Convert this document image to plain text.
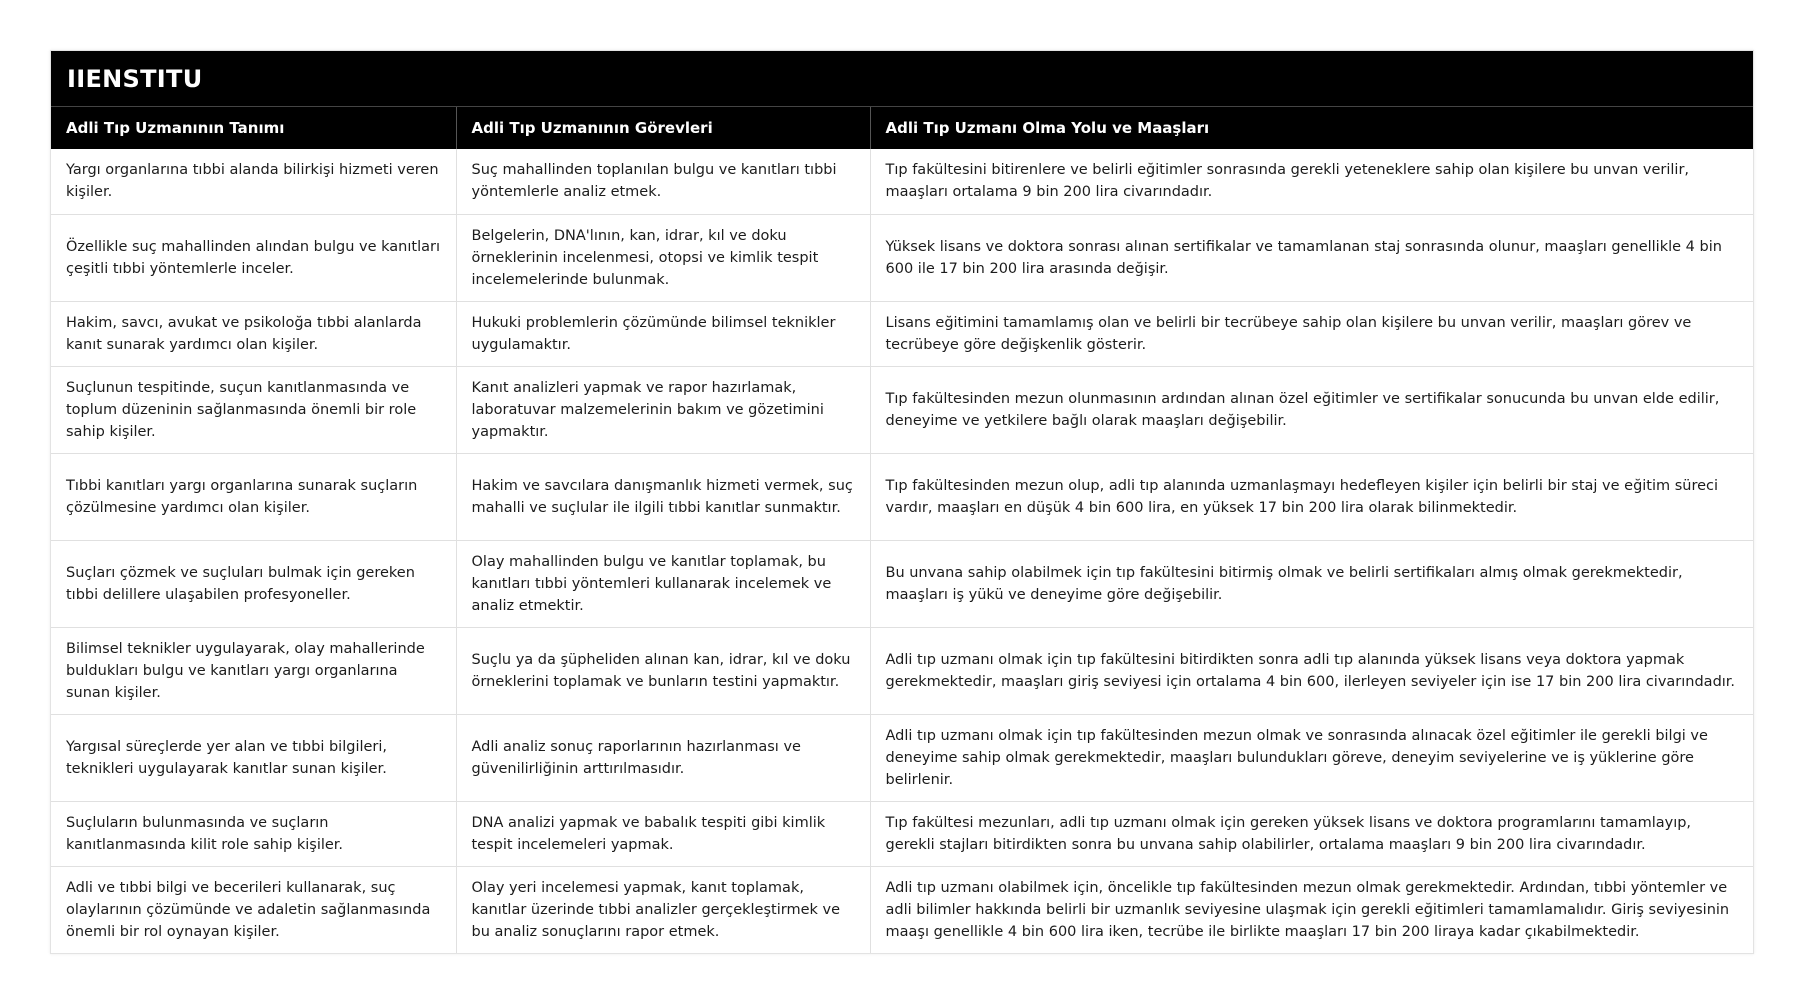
IIENSTITU
Adli Tıp Uzmanının Tanımı	Adli Tıp Uzmanının Görevleri	Adli Tıp Uzmanı Olma Yolu ve Maaşları
Yargı organlarına tıbbi alanda bilirkişi hizmeti veren kişiler.	Suç mahallinden toplanılan bulgu ve kanıtları tıbbi yöntemlerle analiz etmek.	Tıp fakültesini bitirenlere ve belirli eğitimler sonrasında gerekli yeteneklere sahip olan kişilere bu unvan verilir, maaşları ortalama 9 bin 200 lira civarındadır.
Özellikle suç mahallinden alından bulgu ve kanıtları çeşitli tıbbi yöntemlerle inceler.	Belgelerin, DNA'lının, kan, idrar, kıl ve doku örneklerinin incelenmesi, otopsi ve kimlik tespit incelemelerinde bulunmak.	Yüksek lisans ve doktora sonrası alınan sertifikalar ve tamamlanan staj sonrasında olunur, maaşları genellikle 4 bin 600 ile 17 bin 200 lira arasında değişir.
Hakim, savcı, avukat ve psikoloğa tıbbi alanlarda kanıt sunarak yardımcı olan kişiler.	Hukuki problemlerin çözümünde bilimsel teknikler uygulamaktır.	Lisans eğitimini tamamlamış olan ve belirli bir tecrübeye sahip olan kişilere bu unvan verilir, maaşları görev ve tecrübeye göre değişkenlik gösterir.
Suçlunun tespitinde, suçun kanıtlanmasında ve toplum düzeninin sağlanmasında önemli bir role sahip kişiler.	Kanıt analizleri yapmak ve rapor hazırlamak, laboratuvar malzemelerinin bakım ve gözetimini yapmaktır.	Tıp fakültesinden mezun olunmasının ardından alınan özel eğitimler ve sertifikalar sonucunda bu unvan elde edilir, deneyime ve yetkilere bağlı olarak maaşları değişebilir.
Tıbbi kanıtları yargı organlarına sunarak suçların çözülmesine yardımcı olan kişiler.	Hakim ve savcılara danışmanlık hizmeti vermek, suç mahalli ve suçlular ile ilgili tıbbi kanıtlar sunmaktır.	Tıp fakültesinden mezun olup, adli tıp alanında uzmanlaşmayı hedefleyen kişiler için belirli bir staj ve eğitim süreci vardır, maaşları en düşük 4 bin 600 lira, en yüksek 17 bin 200 lira olarak bilinmektedir.
Suçları çözmek ve suçluları bulmak için gereken tıbbi delillere ulaşabilen profesyoneller.	Olay mahallinden bulgu ve kanıtlar toplamak, bu kanıtları tıbbi yöntemleri kullanarak incelemek ve analiz etmektir.	Bu unvana sahip olabilmek için tıp fakültesini bitirmiş olmak ve belirli sertifikaları almış olmak gerekmektedir, maaşları iş yükü ve deneyime göre değişebilir.
Bilimsel teknikler uygulayarak, olay mahallerinde buldukları bulgu ve kanıtları yargı organlarına sunan kişiler.	Suçlu ya da şüpheliden alınan kan, idrar, kıl ve doku örneklerini toplamak ve bunların testini yapmaktır.	Adli tıp uzmanı olmak için tıp fakültesini bitirdikten sonra adli tıp alanında yüksek lisans veya doktora yapmak gerekmektedir, maaşları giriş seviyesi için ortalama 4 bin 600, ilerleyen seviyeler için ise 17 bin 200 lira civarındadır.
Yargısal süreçlerde yer alan ve tıbbi bilgileri, teknikleri uygulayarak kanıtlar sunan kişiler.	Adli analiz sonuç raporlarının hazırlanması ve güvenilirliğinin arttırılmasıdır.	Adli tıp uzmanı olmak için tıp fakültesinden mezun olmak ve sonrasında alınacak özel eğitimler ile gerekli bilgi ve deneyime sahip olmak gerekmektedir, maaşları bulundukları göreve, deneyim seviyelerine ve iş yüklerine göre belirlenir.
Suçluların bulunmasında ve suçların kanıtlanmasında kilit role sahip kişiler.	DNA analizi yapmak ve babalık tespiti gibi kimlik tespit incelemeleri yapmak.	Tıp fakültesi mezunları, adli tıp uzmanı olmak için gereken yüksek lisans ve doktora programlarını tamamlayıp, gerekli stajları bitirdikten sonra bu unvana sahip olabilirler, ortalama maaşları 9 bin 200 lira civarındadır.
Adli ve tıbbi bilgi ve becerileri kullanarak, suç olaylarının çözümünde ve adaletin sağlanmasında önemli bir rol oynayan kişiler.	Olay yeri incelemesi yapmak, kanıt toplamak, kanıtlar üzerinde tıbbi analizler gerçekleştirmek ve bu analiz sonuçlarını rapor etmek.	Adli tıp uzmanı olabilmek için, öncelikle tıp fakültesinden mezun olmak gerekmektedir. Ardından, tıbbi yöntemler ve adli bilimler hakkında belirli bir uzmanlık seviyesine ulaşmak için gerekli eğitimleri tamamlamalıdır. Giriş seviyesinin maaşı genellikle 4 bin 600 lira iken, tecrübe ile birlikte maaşları 17 bin 200 liraya kadar çıkabilmektedir.
